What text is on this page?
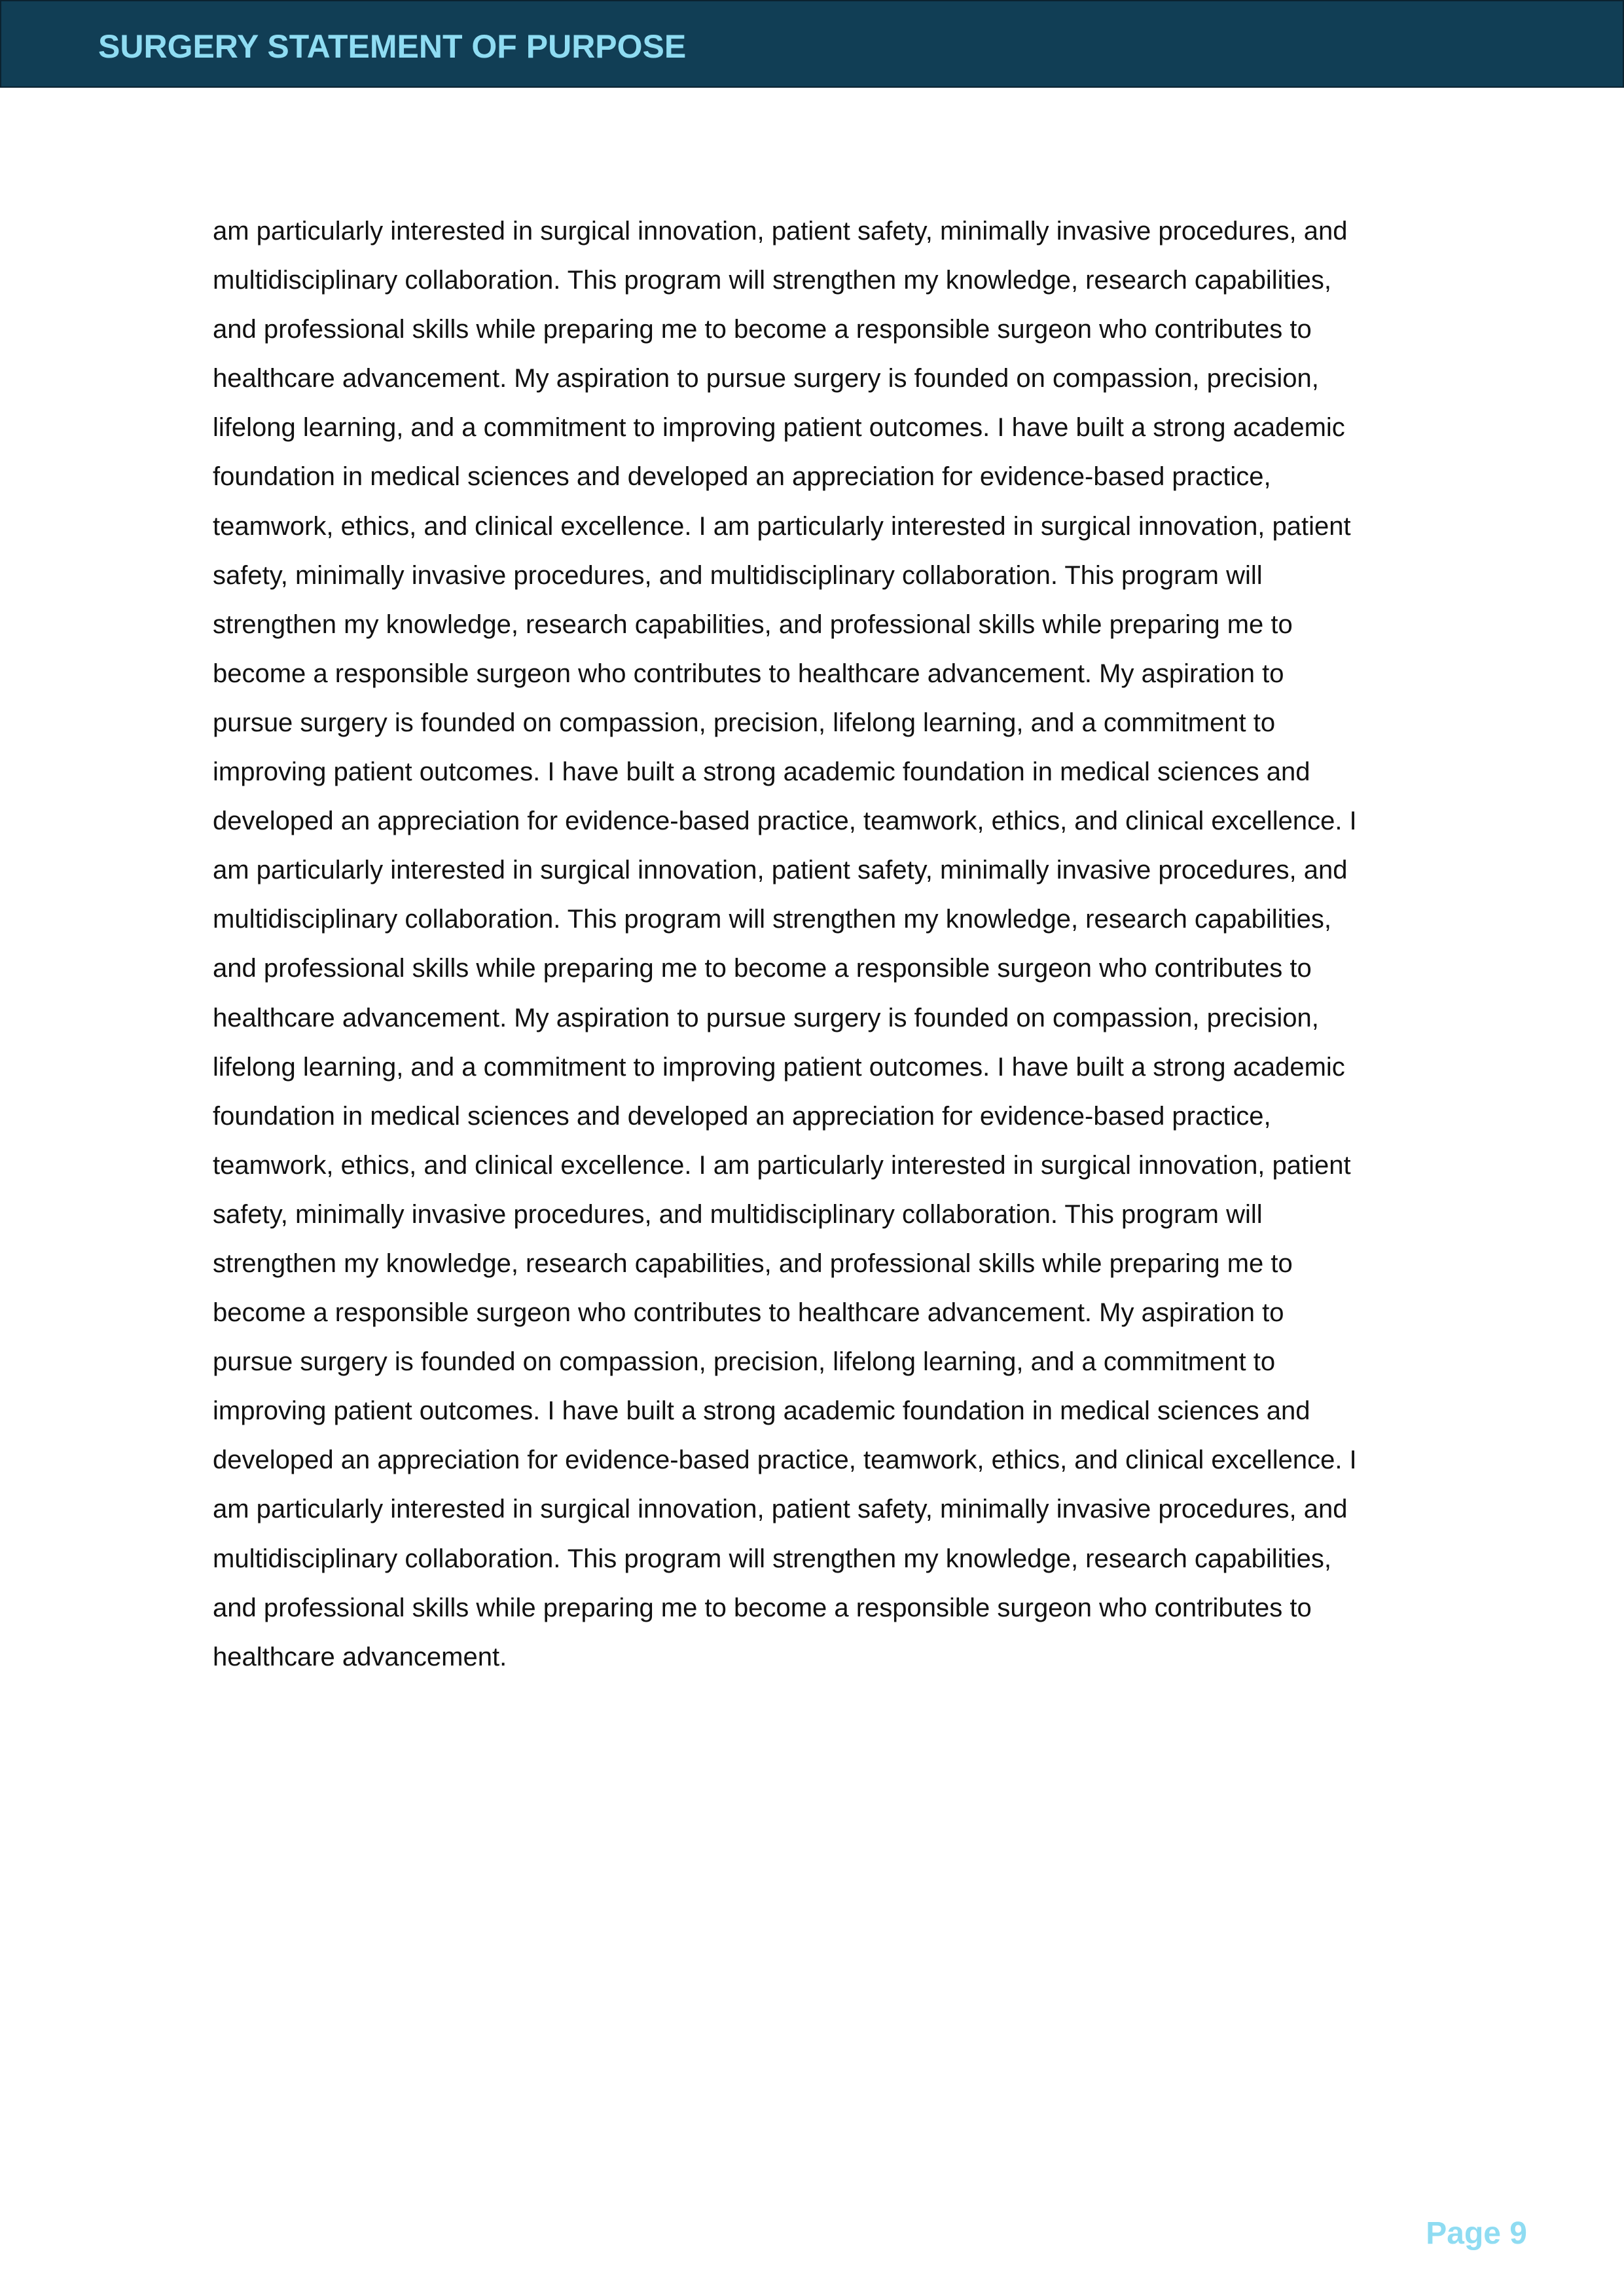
SURGERY STATEMENT OF PURPOSE
am particularly interested in surgical innovation, patient safety, minimally invasive procedures, and
multidisciplinary collaboration. This program will strengthen my knowledge, research capabilities,
and professional skills while preparing me to become a responsible surgeon who contributes to
healthcare advancement. My aspiration to pursue surgery is founded on compassion, precision,
lifelong learning, and a commitment to improving patient outcomes. I have built a strong academic
foundation in medical sciences and developed an appreciation for evidence-based practice,
teamwork, ethics, and clinical excellence. I am particularly interested in surgical innovation, patient
safety, minimally invasive procedures, and multidisciplinary collaboration. This program will
strengthen my knowledge, research capabilities, and professional skills while preparing me to
become a responsible surgeon who contributes to healthcare advancement. My aspiration to
pursue surgery is founded on compassion, precision, lifelong learning, and a commitment to
improving patient outcomes. I have built a strong academic foundation in medical sciences and
developed an appreciation for evidence-based practice, teamwork, ethics, and clinical excellence. I
am particularly interested in surgical innovation, patient safety, minimally invasive procedures, and
multidisciplinary collaboration. This program will strengthen my knowledge, research capabilities,
and professional skills while preparing me to become a responsible surgeon who contributes to
healthcare advancement. My aspiration to pursue surgery is founded on compassion, precision,
lifelong learning, and a commitment to improving patient outcomes. I have built a strong academic
foundation in medical sciences and developed an appreciation for evidence-based practice,
teamwork, ethics, and clinical excellence. I am particularly interested in surgical innovation, patient
safety, minimally invasive procedures, and multidisciplinary collaboration. This program will
strengthen my knowledge, research capabilities, and professional skills while preparing me to
become a responsible surgeon who contributes to healthcare advancement. My aspiration to
pursue surgery is founded on compassion, precision, lifelong learning, and a commitment to
improving patient outcomes. I have built a strong academic foundation in medical sciences and
developed an appreciation for evidence-based practice, teamwork, ethics, and clinical excellence. I
am particularly interested in surgical innovation, patient safety, minimally invasive procedures, and
multidisciplinary collaboration. This program will strengthen my knowledge, research capabilities,
and professional skills while preparing me to become a responsible surgeon who contributes to
healthcare advancement.
Page 9
